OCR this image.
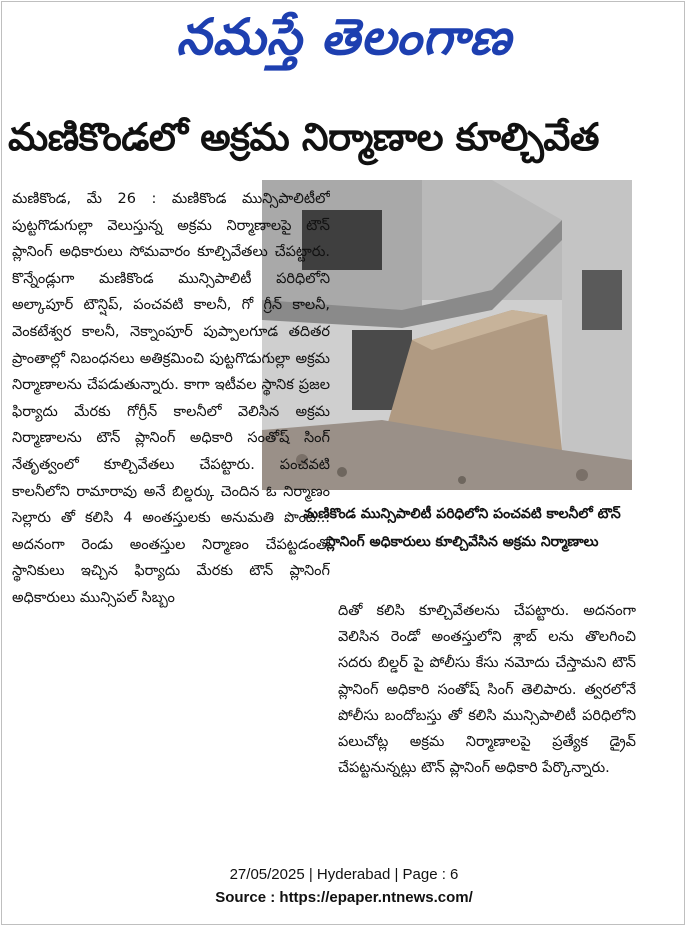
నమస్తే తెలంగాణ
మణికొండలో అక్రమ నిర్మాణాల కూల్చివేత
మణికొండ మున్సిపాలిటీ పరిధిలోని పంచవటి కాలనీలో టౌన్ ప్లానింగ్ అధికారులు కూల్చివేసిన అక్రమ నిర్మాణాలు

మణికొండ, మే 26 : మణికొండ మున్సిపాలిటీలో పుట్టగొడుగుల్లా వెలుస్తున్న అక్రమ నిర్మాణాలపై టౌన్ ప్లానింగ్ అధికారులు సోమవారం కూల్చివేతలు చేపట్టారు. కొన్నేండ్లుగా మణికొండ మున్సిపాలిటీ పరిధిలోని అల్కాపూర్ టౌన్షిప్, పంచవటి కాలనీ, గో గ్రీన్ కాలనీ, వెంకటేశ్వర కాలనీ, నెక్నాంపూర్ పుప్పాలగూడ తదితర ప్రాంతాల్లో నిబంధనలు అతిక్రమించి పుట్టగొడుగుల్లా అక్రమ నిర్మాణాలను చేపడుతున్నారు. కాగా ఇటీవల స్థానిక ప్రజల ఫిర్యాదు మేరకు గోగ్రీన్ కాలనీలో వెలిసిన అక్రమ నిర్మాణాలను టౌన్ ప్లానింగ్ అధికారి సంతోష్ సింగ్ నేతృత్వంలో కూల్చివేతలు చేపట్టారు. పంచవటి కాలనీలోని రామారావు అనే బిల్డర్కు చెందిన ఓ నిర్మాణం సెల్లారు తో కలిసి 4 అంతస్తులకు అనుమతి పొంది... అదనంగా రెండు అంతస్తుల నిర్మాణం చేపట్టడంతో స్థానికులు ఇచ్చిన ఫిర్యాదు మేరకు టౌన్ ప్లానింగ్ అధికారులు మున్సిపల్ సిబ్బం

దితో కలిసి కూల్చివేతలను చేపట్టారు. అదనంగా వెలిసిన రెండో అంతస్తులోని శ్లాబ్ లను తొలగించి సదరు బిల్డర్ పై పోలీసు కేసు నమోదు చేస్తామని టౌన్ ప్లానింగ్ అధికారి సంతోష్ సింగ్ తెలిపారు. త్వరలోనే పోలీసు బందోబస్తు తో కలిసి మున్సిపాలిటీ పరిధిలోని పలుచోట్ల అక్రమ నిర్మాణాలపై ప్రత్యేక డ్రైవ్ చేపట్టనున్నట్లు టౌన్ ప్లానింగ్ అధికారి పేర్కొన్నారు.

27/05/2025 | Hyderabad | Page : 6
Source : https://epaper.ntnews.com/
